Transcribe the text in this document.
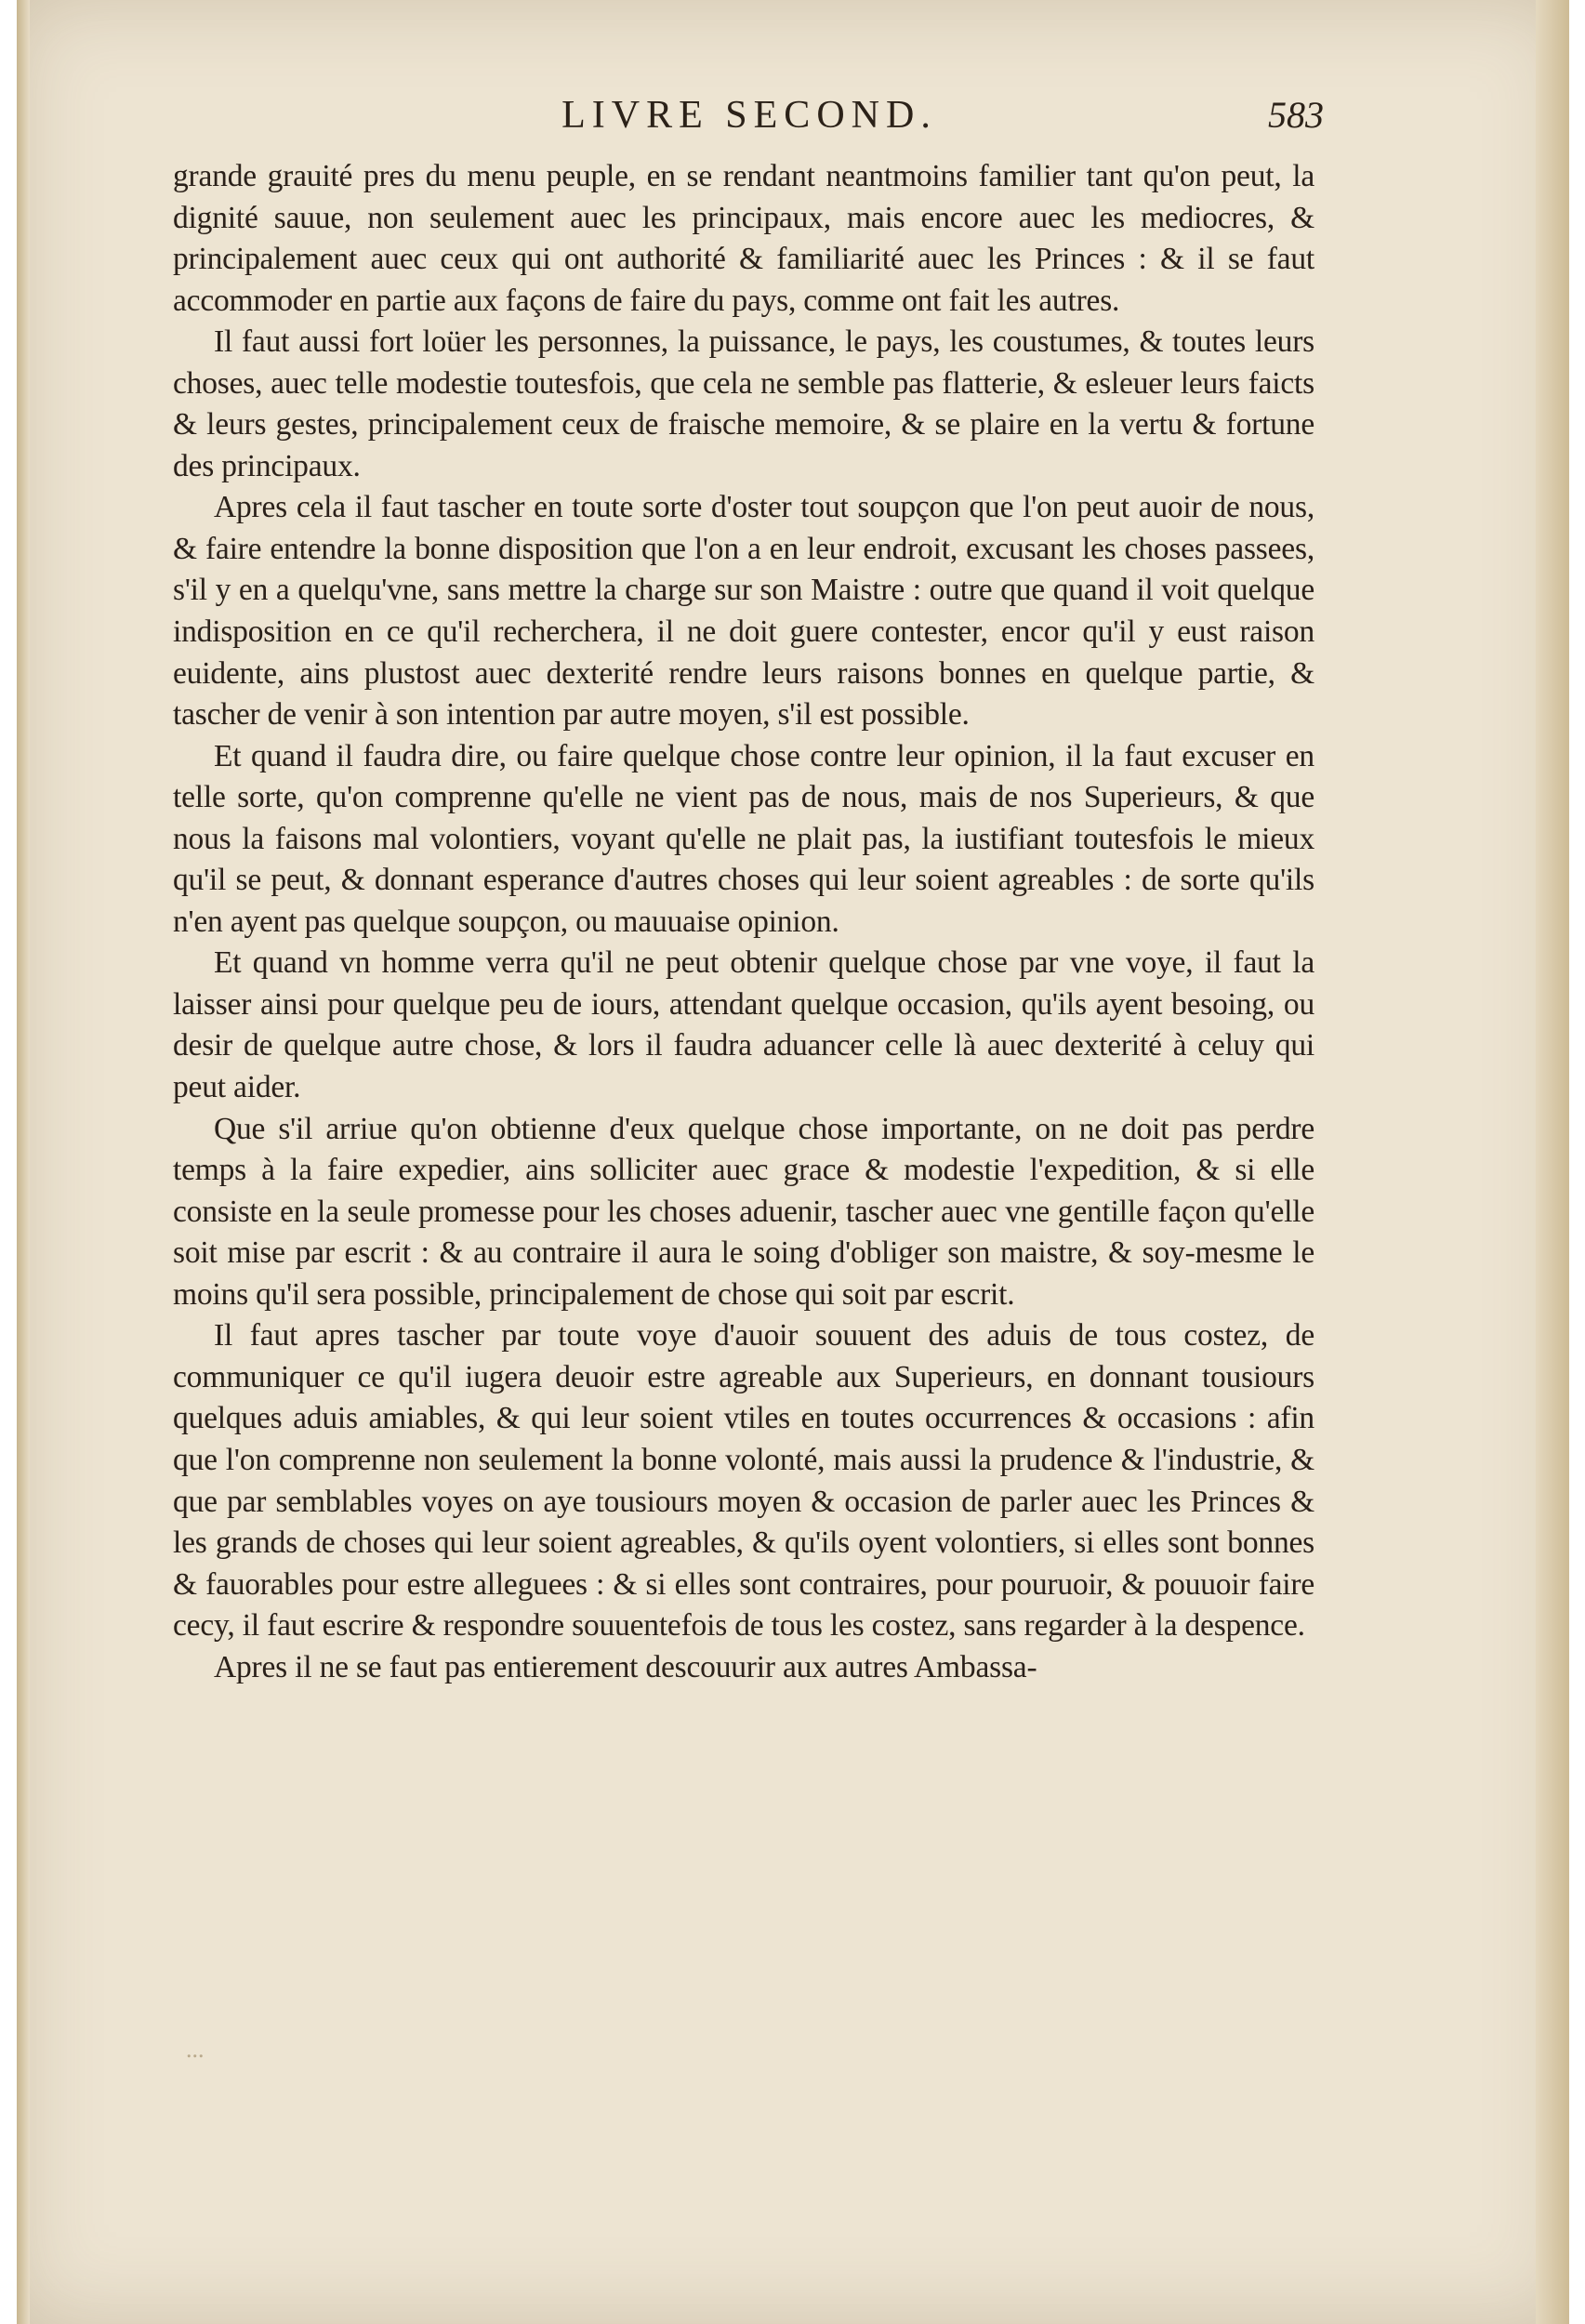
LIVRE SECOND.	583

grande grauité pres du menu peuple, en se rendant neantmoins familier tant qu'on peut, la dignité sauue, non seulement auec les principaux, mais encore auec les mediocres, & principalement auec ceux qui ont authorité & familiarité auec les Princes : & il se faut accommoder en partie aux façons de faire du pays, comme ont fait les autres.

Il faut aussi fort loüer les personnes, la puissance, le pays, les coustumes, & toutes leurs choses, auec telle modestie toutesfois, que cela ne semble pas flatterie, & esleuer leurs faicts & leurs gestes, principalement ceux de fraische memoire, & se plaire en la vertu & fortune des principaux.

Apres cela il faut tascher en toute sorte d'oster tout soupçon que l'on peut auoir de nous, & faire entendre la bonne disposition que l'on a en leur endroit, excusant les choses passees, s'il y en a quelqu'vne, sans mettre la charge sur son Maistre : outre que quand il voit quelque indisposition en ce qu'il recherchera, il ne doit guere contester, encor qu'il y eust raison euidente, ains plustost auec dexterité rendre leurs raisons bonnes en quelque partie, & tascher de venir à son intention par autre moyen, s'il est possible.

Et quand il faudra dire, ou faire quelque chose contre leur opinion, il la faut excuser en telle sorte, qu'on comprenne qu'elle ne vient pas de nous, mais de nos Superieurs, & que nous la faisons mal volontiers, voyant qu'elle ne plait pas, la iustifiant toutesfois le mieux qu'il se peut, & donnant esperance d'autres choses qui leur soient agreables : de sorte qu'ils n'en ayent pas quelque soupçon, ou mauuaise opinion.

Et quand vn homme verra qu'il ne peut obtenir quelque chose par vne voye, il faut la laisser ainsi pour quelque peu de iours, attendant quelque occasion, qu'ils ayent besoing, ou desir de quelque autre chose, & lors il faudra aduancer celle là auec dexterité à celuy qui peut aider.

Que s'il arriue qu'on obtienne d'eux quelque chose importante, on ne doit pas perdre temps à la faire expedier, ains solliciter auec grace & modestie l'expedition, & si elle consiste en la seule promesse pour les choses aduenir, tascher auec vne gentille façon qu'elle soit mise par escrit : & au contraire il aura le soing d'obliger son maistre, & soy-mesme le moins qu'il sera possible, principalement de chose qui soit par escrit.

Il faut apres tascher par toute voye d'auoir souuent des aduis de tous costez, de communiquer ce qu'il iugera deuoir estre agreable aux Superieurs, en donnant tousiours quelques aduis amiables, & qui leur soient vtiles en toutes occurrences & occasions : afin que l'on comprenne non seulement la bonne volonté, mais aussi la prudence & l'industrie, & que par semblables voyes on aye tousiours moyen & occasion de parler auec les Princes & les grands de choses qui leur soient agreables, & qu'ils oyent volontiers, si elles sont bonnes & fauorables pour estre alleguees : & si elles sont contraires, pour pouruoir, & pouuoir faire cecy, il faut escrire & respondre souuentefois de tous les costez, sans regarder à la despence.

Apres il ne se faut pas entierement descouurir aux autres Ambassa-

...
